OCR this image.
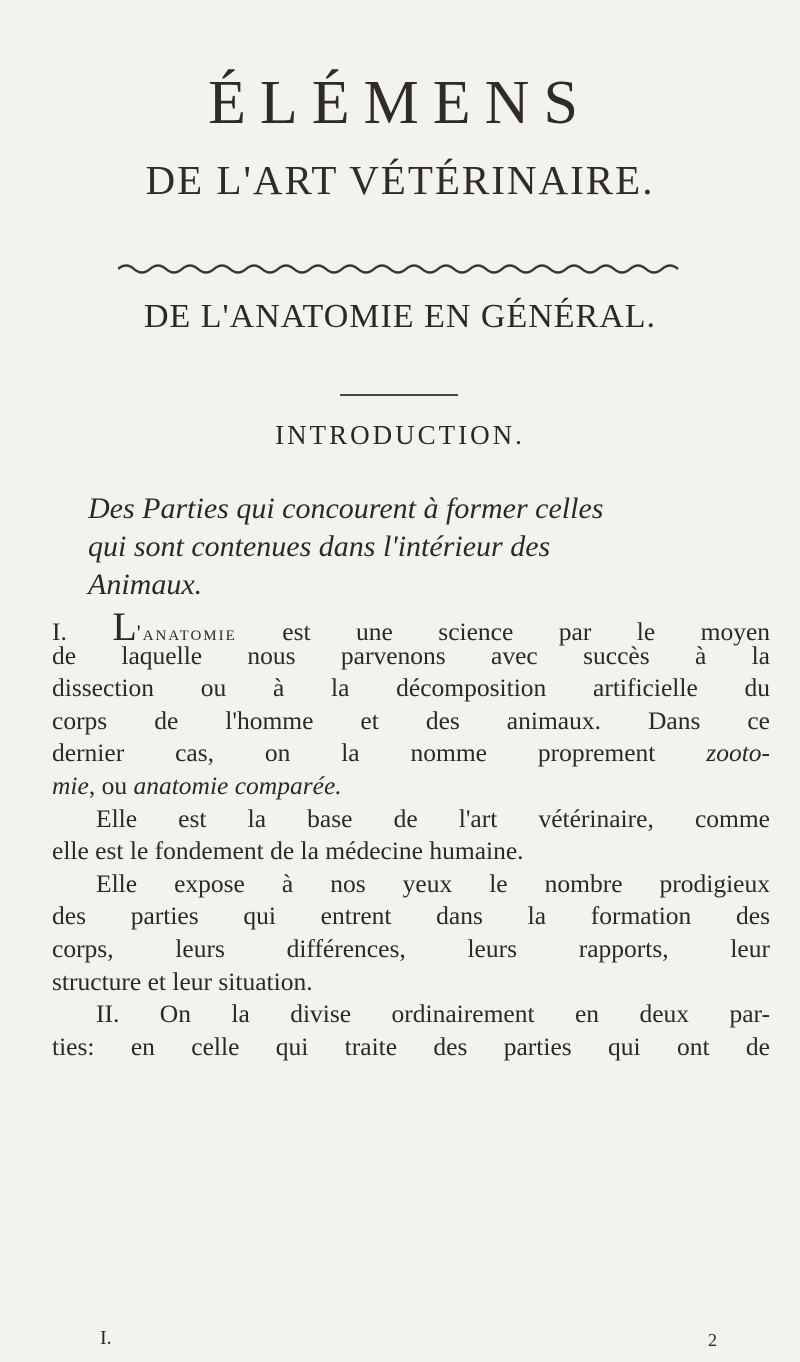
ÉLÉMENS
DE L'ART VÉTÉRINAIRE.
DE L'ANATOMIE EN GÉNÉRAL.
INTRODUCTION.
Des Parties qui concourent à former celles
qui sont contenues dans l'intérieur des
Animaux.
I. L'anatomie est une science par le moyen
de laquelle nous parvenons avec succès à la
dissection ou à la décomposition artificielle du
corps de l'homme et des animaux. Dans ce
dernier cas, on la nomme proprement zooto-
mie, ou anatomie comparée.
Elle est la base de l'art vétérinaire, comme
elle est le fondement de la médecine humaine.
Elle expose à nos yeux le nombre prodigieux
des parties qui entrent dans la formation des
corps, leurs différences, leurs rapports, leur
structure et leur situation.
II. On la divise ordinairement en deux par-
ties: en celle qui traite des parties qui ont de
I.	2
